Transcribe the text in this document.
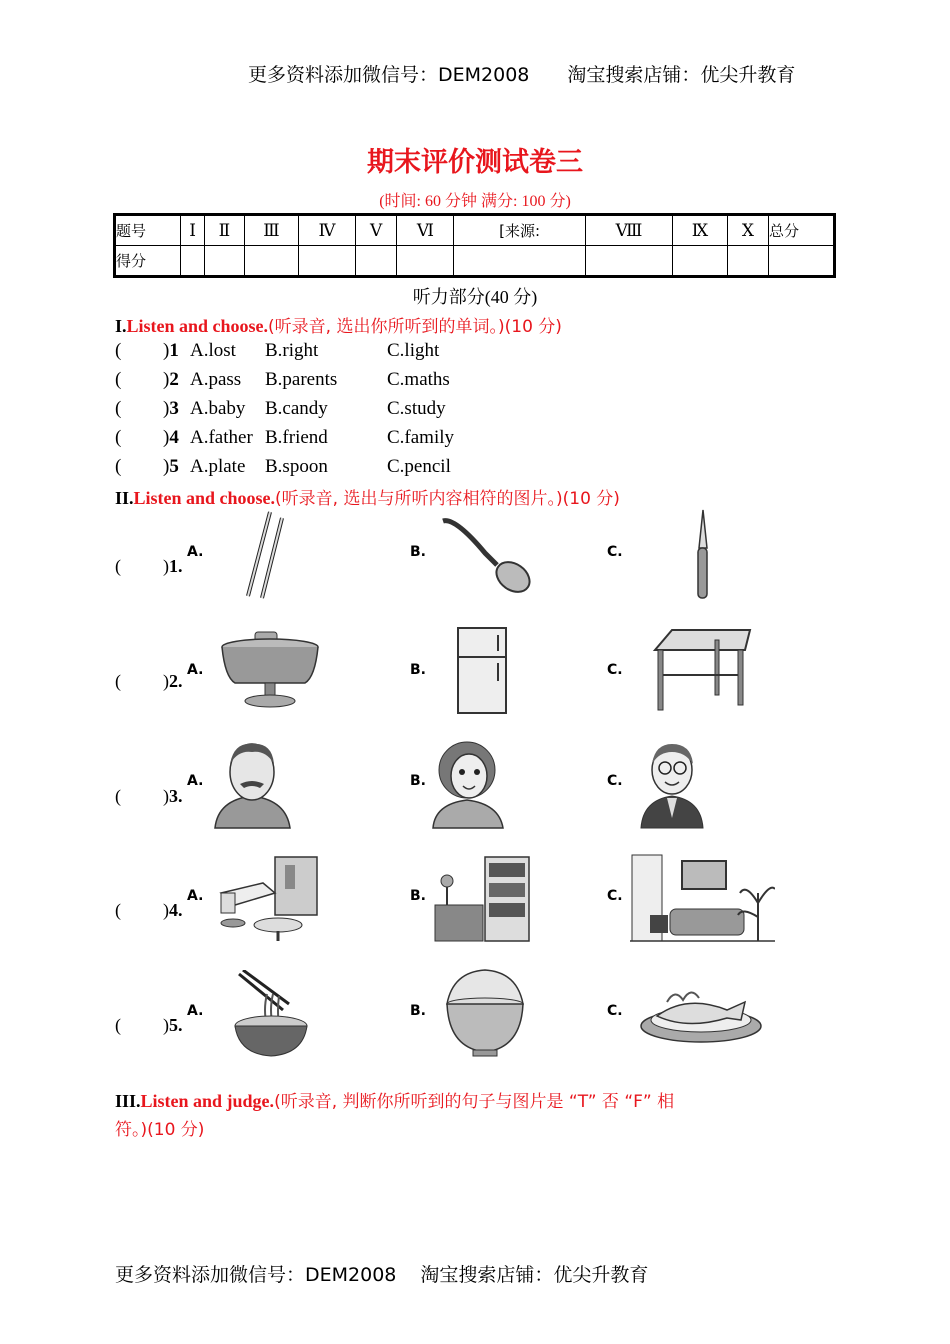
更多资料添加微信号：DEM2008 淘宝搜索店铺：优尖升教育
期末评价测试卷三
(时间: 60 分钟 满分: 100 分)
题号	Ⅰ	Ⅱ	Ⅲ	Ⅳ	Ⅴ	Ⅵ	[来源:	Ⅷ	Ⅸ	Ⅹ	总分
得分											
听力部分(40 分)
I.Listen and choose.(听录音, 选出你所听到的单词。)(10 分)
( )1 A.lost B.right	C.light
( )2 A.pass B.parents	C.maths
( )3 A.baby B.candy	C.study
( )4 A.father B.friend	C.family
( )5 A.plate B.spoon	C.pencil
II.Listen and choose.(听录音, 选出与所听内容相符的图片。)(10 分)
( )1.
A.	B.	C.
( )2.
A.	B.	C.
( )3.
A.	B.	C.
( )4.
A.	B.	C.
( )5.
A.	B.	C.
III.Listen and judge.(听录音, 判断你所听到的句子与图片是 “T” 否 “F” 相
符。)(10 分)
更多资料添加微信号：DEM2008 淘宝搜索店铺：优尖升教育
